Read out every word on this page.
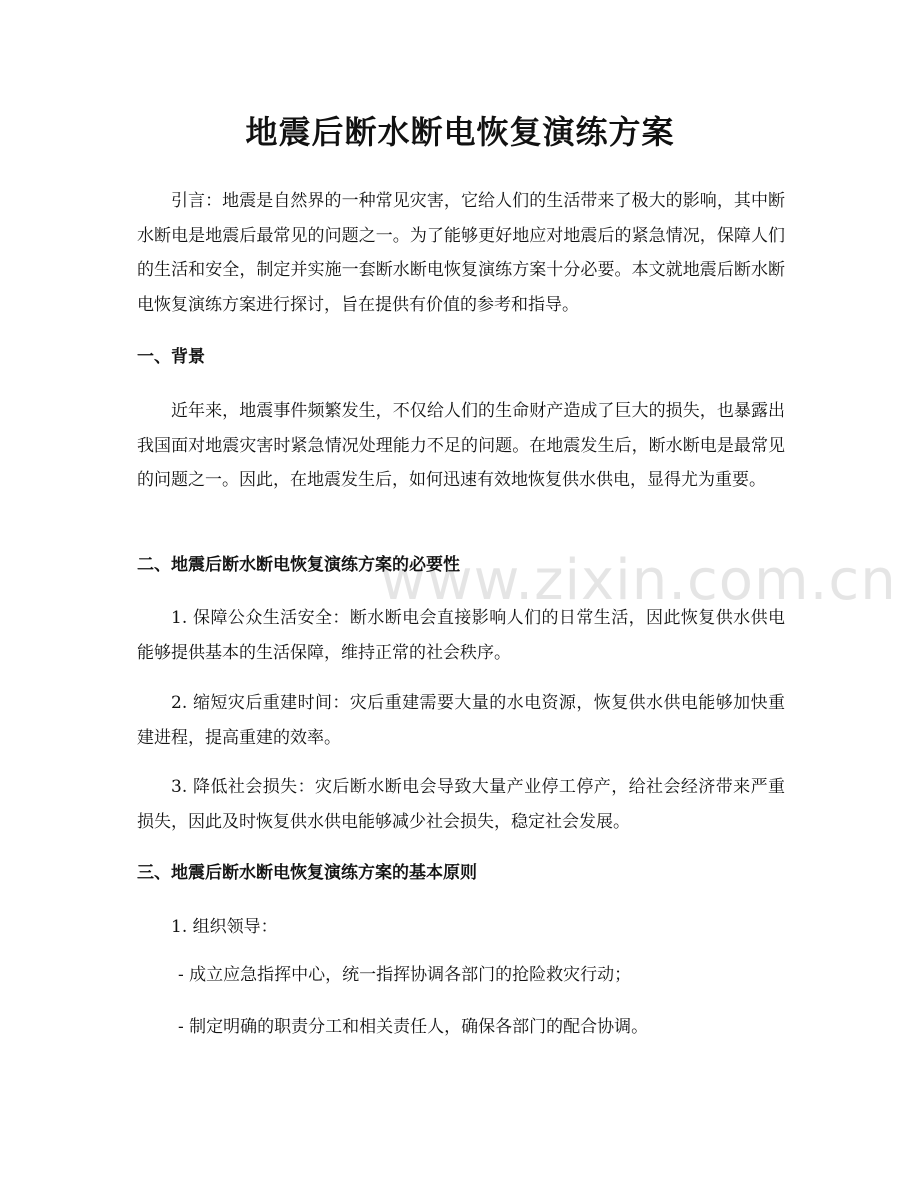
地震后断水断电恢复演练方案

引言：地震是自然界的一种常见灾害，它给人们的生活带来了极大的影响，其中断水断电是地震后最常见的问题之一。为了能够更好地应对地震后的紧急情况，保障人们的生活和安全，制定并实施一套断水断电恢复演练方案十分必要。本文就地震后断水断电恢复演练方案进行探讨，旨在提供有价值的参考和指导。

一、背景

近年来，地震事件频繁发生，不仅给人们的生命财产造成了巨大的损失，也暴露出我国面对地震灾害时紧急情况处理能力不足的问题。在地震发生后，断水断电是最常见的问题之一。因此，在地震发生后，如何迅速有效地恢复供水供电，显得尤为重要。

二、地震后断水断电恢复演练方案的必要性

1. 保障公众生活安全：断水断电会直接影响人们的日常生活，因此恢复供水供电能够提供基本的生活保障，维持正常的社会秩序。

2. 缩短灾后重建时间：灾后重建需要大量的水电资源，恢复供水供电能够加快重建进程，提高重建的效率。

3. 降低社会损失：灾后断水断电会导致大量产业停工停产，给社会经济带来严重损失，因此及时恢复供水供电能够减少社会损失，稳定社会发展。

三、地震后断水断电恢复演练方案的基本原则

1. 组织领导：

- 成立应急指挥中心，统一指挥协调各部门的抢险救灾行动；

- 制定明确的职责分工和相关责任人，确保各部门的配合协调。

www.zixin.com.cn
